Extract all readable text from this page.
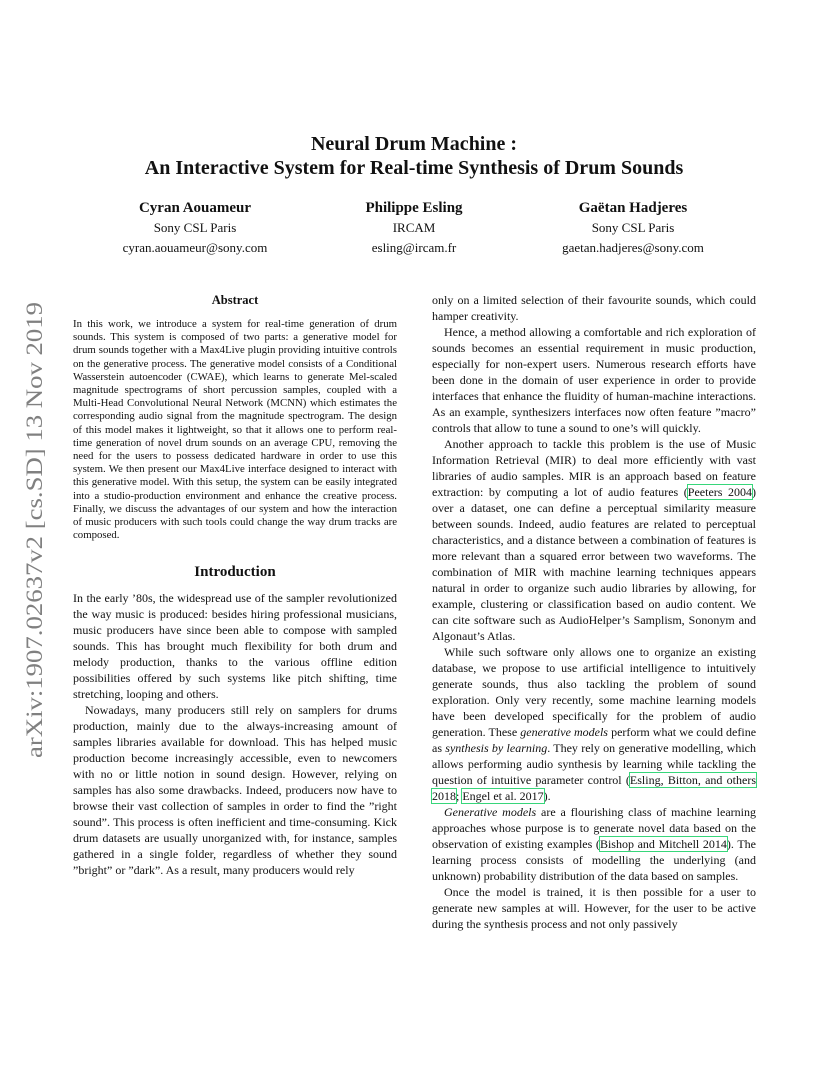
arXiv:1907.02637v2 [cs.SD] 13 Nov 2019
Neural Drum Machine :
An Interactive System for Real-time Synthesis of Drum Sounds
Cyran Aouameur
Sony CSL Paris
cyran.aouameur@sony.com
Philippe Esling
IRCAM
esling@ircam.fr
Gaëtan Hadjeres
Sony CSL Paris
gaetan.hadjeres@sony.com
Abstract

In this work, we introduce a system for real-time generation of drum sounds. This system is composed of two parts: a generative model for drum sounds together with a Max4Live plugin providing intuitive controls on the generative process. The generative model consists of a Conditional Wasserstein autoencoder (CWAE), which learns to generate Mel-scaled magnitude spectrograms of short percussion samples, coupled with a Multi-Head Convolutional Neural Network (MCNN) which estimates the corresponding audio signal from the magnitude spectrogram. The design of this model makes it lightweight, so that it allows one to perform real-time generation of novel drum sounds on an average CPU, removing the need for the users to possess dedicated hardware in order to use this system. We then present our Max4Live interface designed to interact with this generative model. With this setup, the system can be easily integrated into a studio-production environment and enhance the creative process. Finally, we discuss the advantages of our system and how the interaction of music producers with such tools could change the way drum tracks are composed.

Introduction

In the early ’80s, the widespread use of the sampler revolutionized the way music is produced: besides hiring professional musicians, music producers have since been able to compose with sampled sounds. This has brought much flexibility for both drum and melody production, thanks to the various offline edition possibilities offered by such systems like pitch shifting, time stretching, looping and others.

Nowadays, many producers still rely on samplers for drums production, mainly due to the always-increasing amount of samples libraries available for download. This has helped music production become increasingly accessible, even to newcomers with no or little notion in sound design. However, relying on samples has also some drawbacks. Indeed, producers now have to browse their vast collection of samples in order to find the ”right sound”. This process is often inefficient and time-consuming. Kick drum datasets are usually unorganized with, for instance, samples gathered in a single folder, regardless of whether they sound ”bright” or ”dark”. As a result, many producers would rely

only on a limited selection of their favourite sounds, which could hamper creativity.

Hence, a method allowing a comfortable and rich exploration of sounds becomes an essential requirement in music production, especially for non-expert users. Numerous research efforts have been done in the domain of user experience in order to provide interfaces that enhance the fluidity of human-machine interactions. As an example, synthesizers interfaces now often feature ”macro” controls that allow to tune a sound to one’s will quickly.

Another approach to tackle this problem is the use of Music Information Retrieval (MIR) to deal more efficiently with vast libraries of audio samples. MIR is an approach based on feature extraction: by computing a lot of audio features (Peeters 2004) over a dataset, one can define a perceptual similarity measure between sounds. Indeed, audio features are related to perceptual characteristics, and a distance between a combination of features is more relevant than a squared error between two waveforms. The combination of MIR with machine learning techniques appears natural in order to organize such audio libraries by allowing, for example, clustering or classification based on audio content. We can cite software such as AudioHelper’s Samplism, Sononym and Algonaut’s Atlas.

While such software only allows one to organize an existing database, we propose to use artificial intelligence to intuitively generate sounds, thus also tackling the problem of sound exploration. Only very recently, some machine learning models have been developed specifically for the problem of audio generation. These generative models perform what we could define as synthesis by learning. They rely on generative modelling, which allows performing audio synthesis by learning while tackling the question of intuitive parameter control (Esling, Bitton, and others 2018; Engel et al. 2017).

Generative models are a flourishing class of machine learning approaches whose purpose is to generate novel data based on the observation of existing examples (Bishop and Mitchell 2014). The learning process consists of modelling the underlying (and unknown) probability distribution of the data based on samples.

Once the model is trained, it is then possible for a user to generate new samples at will. However, for the user to be active during the synthesis process and not only passively
